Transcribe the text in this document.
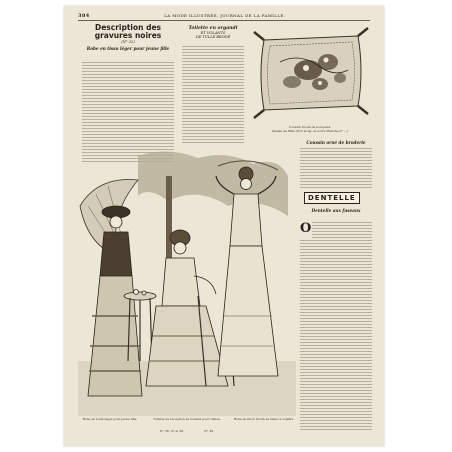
384	LA MODE ILLUSTRÉE, JOURNAL DE LA FAMILLE.
Description des gravures noires
(N° 32)
Robe en tissu léger pour jeune fille
Toilette en organdi
ET VOLANTS
DE TULLE BRODÉ
Coussin brodé de bouquets.
Dessin de Mlle (Voir la fig. et notre Planche n° ...)
Coussin orné de broderie
DENTELLE
Dentelle aux fuseaux
O
Robe en foulé léger pour jeune fille.	Toilette de réception en foulard pour visites.	Robe de linon brodé en blanc à volants.
N° 36, 37 et 38.	N° 39.
